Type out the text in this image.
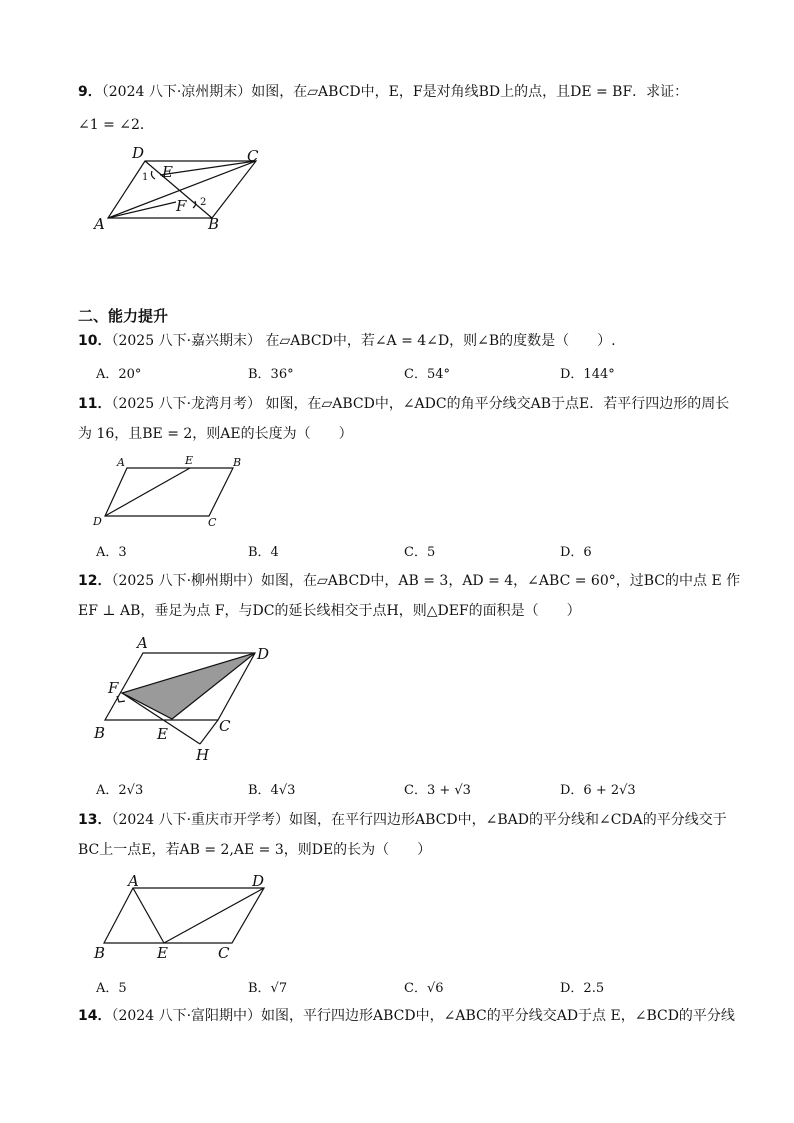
9．（2024 八下·凉州期末）如图，在▱ABCD中，E，F是对角线BD上的点，且DE = BF．求证：
∠1 = ∠2．
D	C
A	B
E
F
1
2
二、能力提升
10．（2025 八下·嘉兴期末） 在▱ABCD中，若∠A = 4∠D，则∠B的度数是（　　）.
A．20°	B．36°	C．54°	D．144°
11．（2025 八下·龙湾月考） 如图，在▱ABCD中，∠ADC的角平分线交AB于点E．若平行四边形的周长
为 16，且BE = 2，则AE的长度为（　　）
A	E	B
D	C
A．3	B．4	C．5	D．6
12．（2025 八下·柳州期中）如图，在▱ABCD中，AB = 3，AD = 4，∠ABC = 60°，过BC的中点 E 作
EF ⊥ AB，垂足为点 F，与DC的延长线相交于点H，则△DEF的面积是（　　）
A
D
F
B	E	C
H
A．2√3	B．4√3	C．3 + √3	D．6 + 2√3
13．（2024 八下·重庆市开学考）如图，在平行四边形ABCD中，∠BAD的平分线和∠CDA的平分线交于
BC上一点E，若AB = 2,AE = 3，则DE的长为（　　）
A	D
B	E	C
A．5	B．√7	C．√6	D．2.5
14．（2024 八下·富阳期中）如图，平行四边形ABCD中，∠ABC的平分线交AD于点 E，∠BCD的平分线
